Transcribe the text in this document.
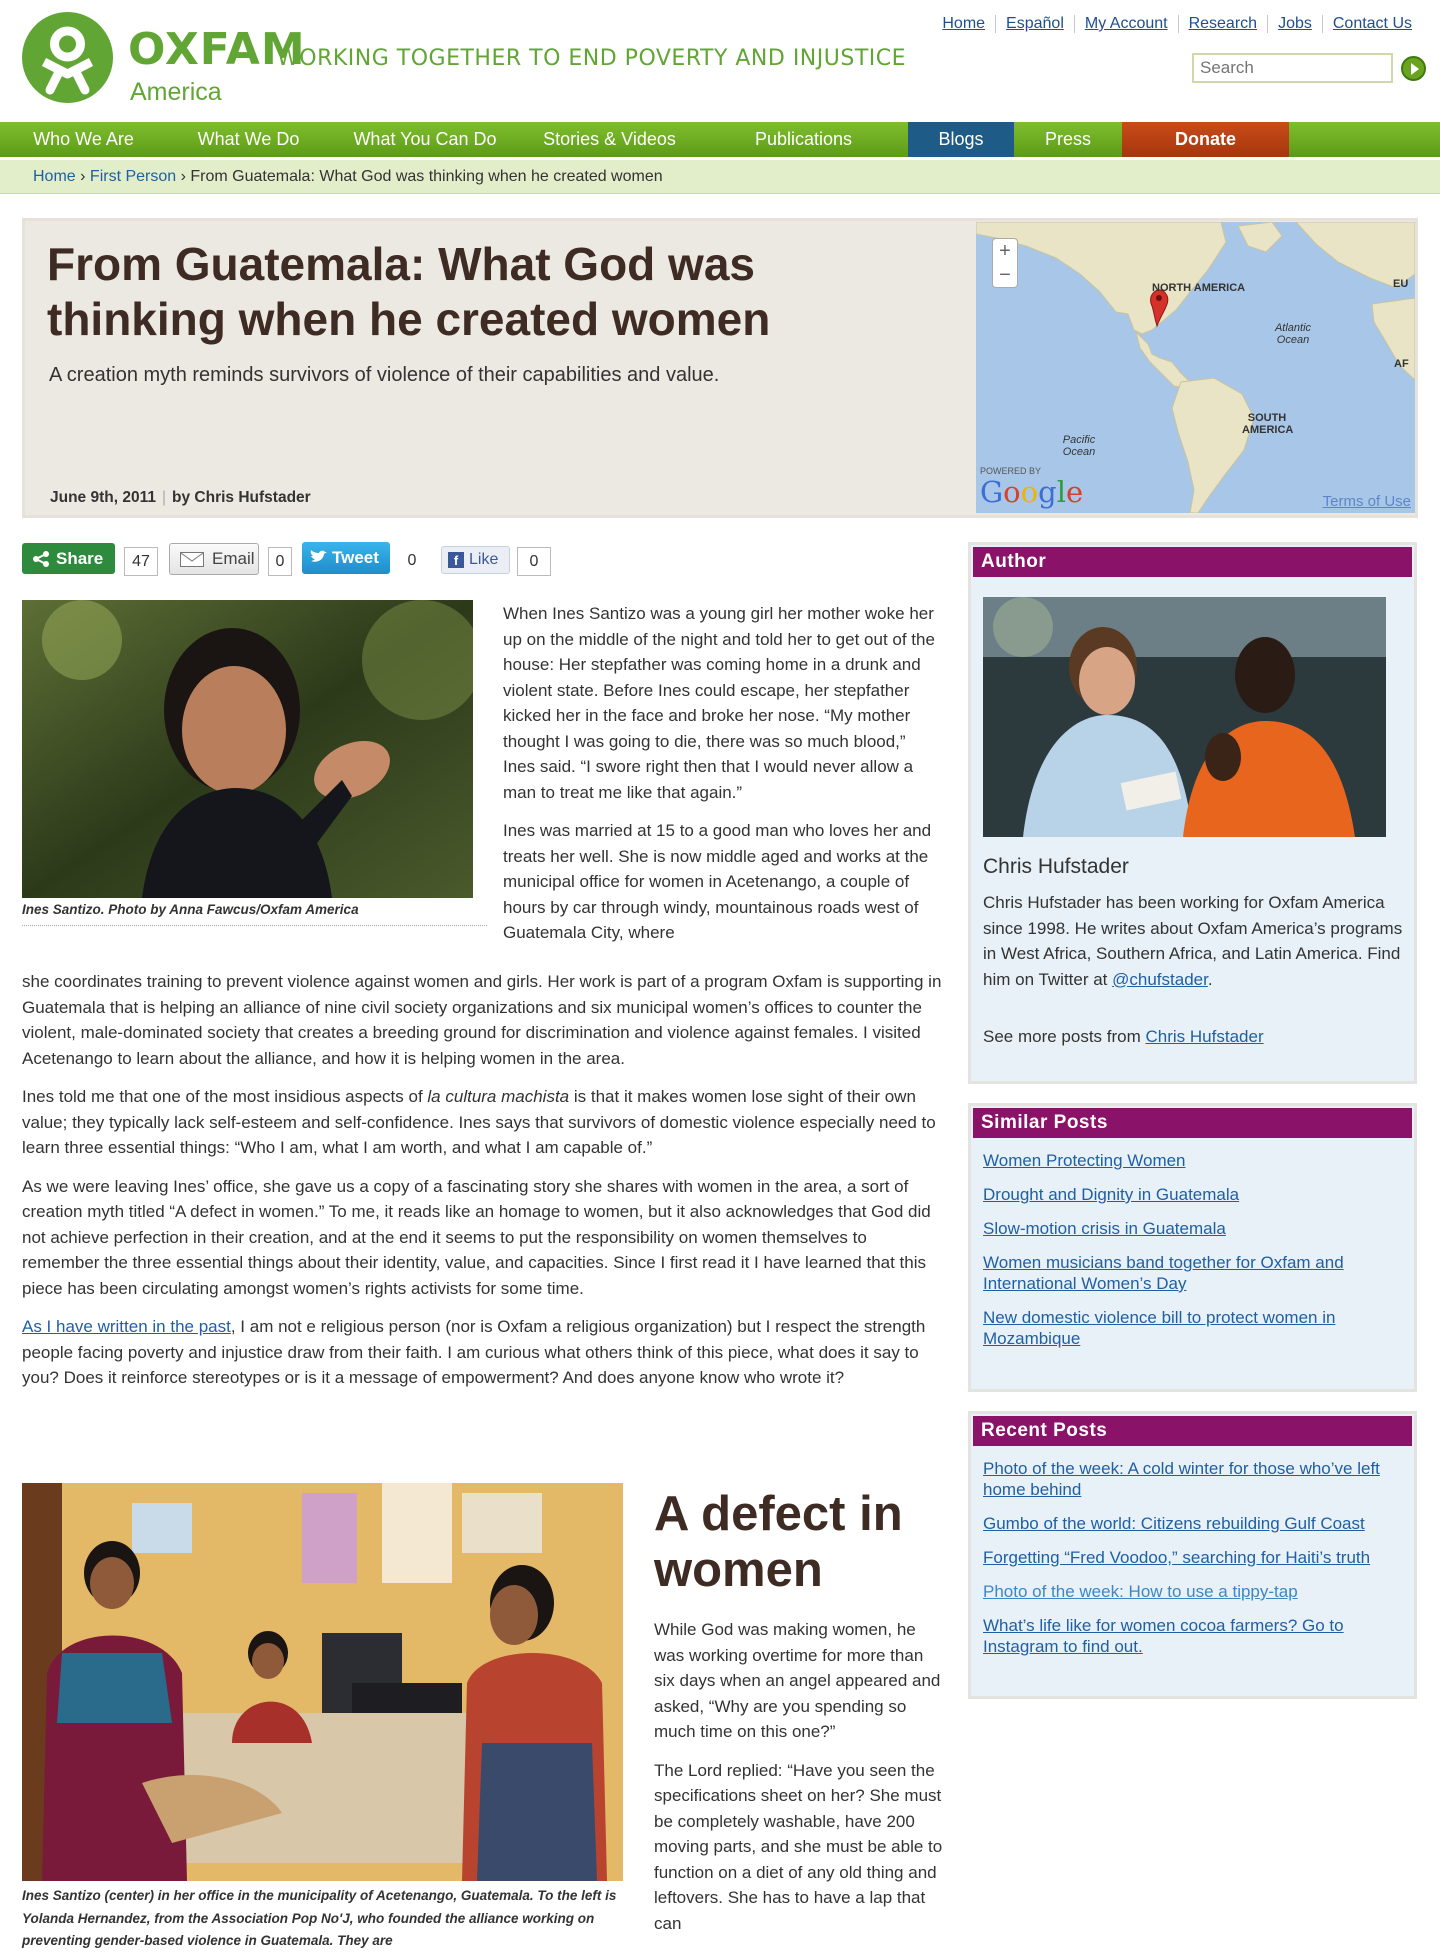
OXFAM
America
WORKING TOGETHER TO END POVERTY AND INJUSTICE
Home	Español	My Account	Research	Jobs	Contact Us
Search
Who We Are	What We Do	What You Can Do	Stories & Videos	Publications	Blogs	Press	Donate
Home › First Person › From Guatemala: What God was thinking when he created women
From Guatemala: What God was thinking when he created women
A creation myth reminds survivors of violence of their capabilities and value.
June 9th, 2011 | by Chris Hufstader
+
−
NORTH AMERICA
SOUTH AMERICA
Atlantic Ocean
Pacific Ocean
EU
AF
POWERED BY
Google	Terms of Use
Share	47	Email	0	Tweet	0	f Like	0
Ines Santizo. Photo by Anna Fawcus/Oxfam America

When Ines Santizo was a young girl her mother woke her up on the middle of the night and told her to get out of the house: Her stepfather was coming home in a drunk and violent state. Before Ines could escape, her stepfather kicked her in the face and broke her nose. “My mother thought I was going to die, there was so much blood,” Ines said. “I swore right then that I would never allow a man to treat me like that again.”

Ines was married at 15 to a good man who loves her and treats her well. She is now middle aged and works at the municipal office for women in Acetenango, a couple of hours by car through windy, mountainous roads west of Guatemala City, where

she coordinates training to prevent violence against women and girls. Her work is part of a program Oxfam is supporting in Guatemala that is helping an alliance of nine civil society organizations and six municipal women’s offices to counter the violent, male-dominated society that creates a breeding ground for discrimination and violence against females. I visited Acetenango to learn about the alliance, and how it is helping women in the area.

Ines told me that one of the most insidious aspects of la cultura machista is that it makes women lose sight of their own value; they typically lack self-esteem and self-confidence. Ines says that survivors of domestic violence especially need to learn three essential things: “Who I am, what I am worth, and what I am capable of.”

As we were leaving Ines’ office, she gave us a copy of a fascinating story she shares with women in the area, a sort of creation myth titled “A defect in women.” To me, it reads like an homage to women, but it also acknowledges that God did not achieve perfection in their creation, and at the end it seems to put the responsibility on women themselves to remember the three essential things about their identity, value, and capacities. Since I first read it I have learned that this piece has been circulating amongst women’s rights activists for some time.

As I have written in the past, I am not e religious person (nor is Oxfam a religious organization) but I respect the strength people facing poverty and injustice draw from their faith. I am curious what others think of this piece, what does it say to you? Does it reinforce stereotypes or is it a message of empowerment? And does anyone know who wrote it?

Ines Santizo (center) in her office in the municipality of Acetenango, Guatemala. To the left is Yolanda Hernandez, from the Association Pop No'J, who founded the alliance working on preventing gender-based violence in Guatemala. They are
A defect in women

While God was making women, he was working overtime for more than six days when an angel appeared and asked, “Why are you spending so much time on this one?”

The Lord replied: “Have you seen the specifications sheet on her? She must be completely washable, have 200 moving parts, and she must be able to function on a diet of any old thing and leftovers. She has to have a lap that can

Author
Chris Hufstader
Chris Hufstader has been working for Oxfam America since 1998. He writes about Oxfam America’s programs in West Africa, Southern Africa, and Latin America. Find him on Twitter at @chufstader.
See more posts from Chris Hufstader
Similar Posts
Women Protecting Women
Drought and Dignity in Guatemala
Slow-motion crisis in Guatemala
Women musicians band together for Oxfam and International Women’s Day
New domestic violence bill to protect women in Mozambique
Recent Posts
Photo of the week: A cold winter for those who’ve left home behind
Gumbo of the world: Citizens rebuilding Gulf Coast
Forgetting “Fred Voodoo,” searching for Haiti’s truth
Photo of the week: How to use a tippy-tap
What’s life like for women cocoa farmers? Go to Instagram to find out.
